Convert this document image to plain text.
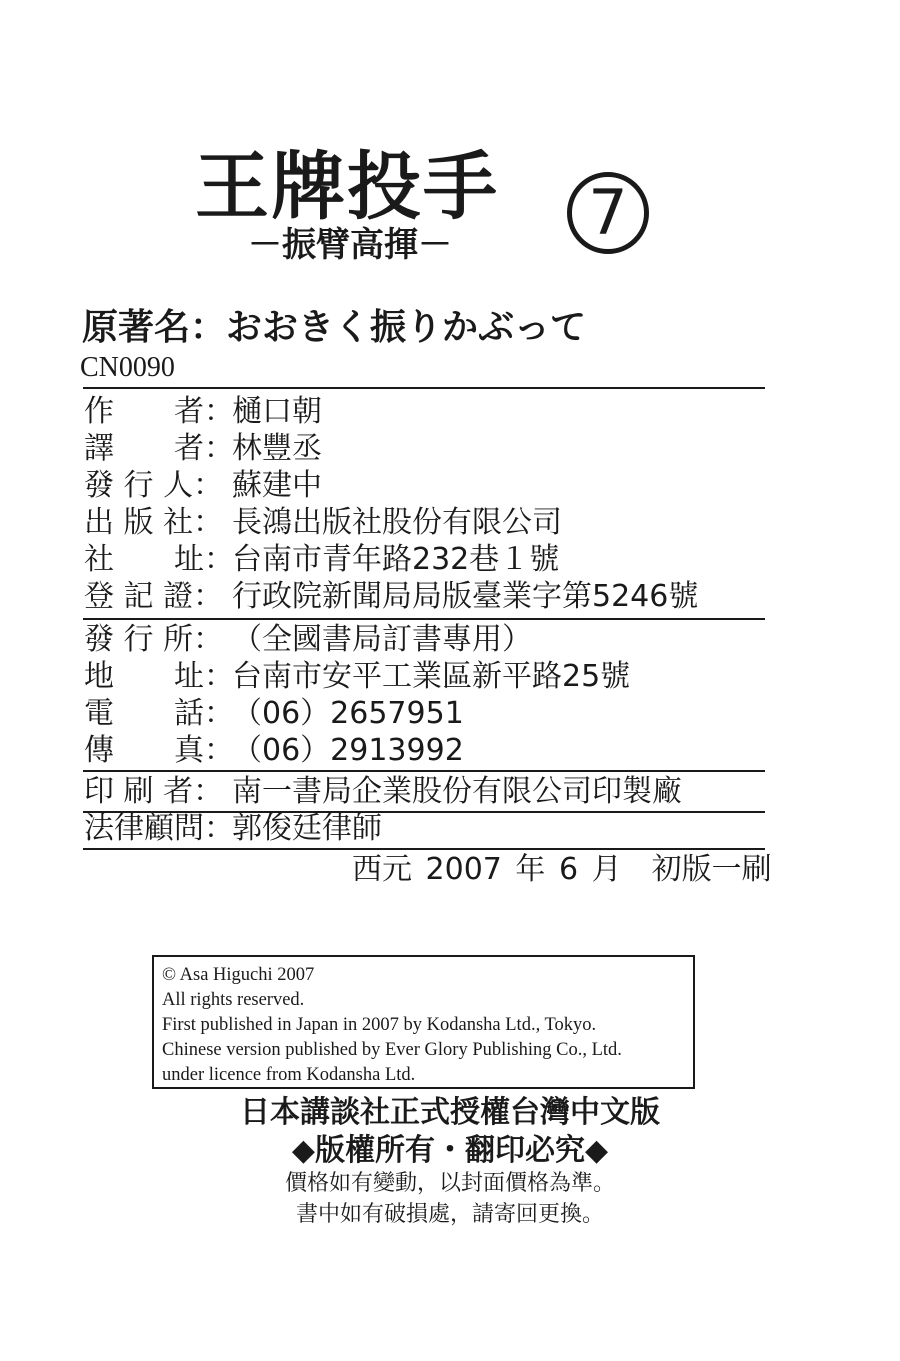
王牌投手	7
－振臂高揮－
原著名：おおきく振りかぶって
CN0090
作　　者：樋口朝
譯　　者：林豐丞
發 行 人： 蘇建中
出 版 社： 長鴻出版社股份有限公司
社　　址：台南市青年路232巷１號
登 記 證： 行政院新聞局局版臺業字第5246號
發 行 所： （全國書局訂書專用）
地　　址：台南市安平工業區新平路25號
電　　話：（06）2657951
傳　　真：（06）2913992
印 刷 者： 南一書局企業股份有限公司印製廠
法律顧問：郭俊廷律師
西元 2007 年 6 月　初版一刷
© Asa Higuchi 2007
All rights reserved.
First published in Japan in 2007 by Kodansha Ltd., Tokyo.
Chinese version published by Ever Glory Publishing Co., Ltd.
under licence from Kodansha Ltd.
日本講談社正式授權台灣中文版
◆版權所有・翻印必究◆
價格如有變動，以封面價格為準。
書中如有破損處，請寄回更換。
